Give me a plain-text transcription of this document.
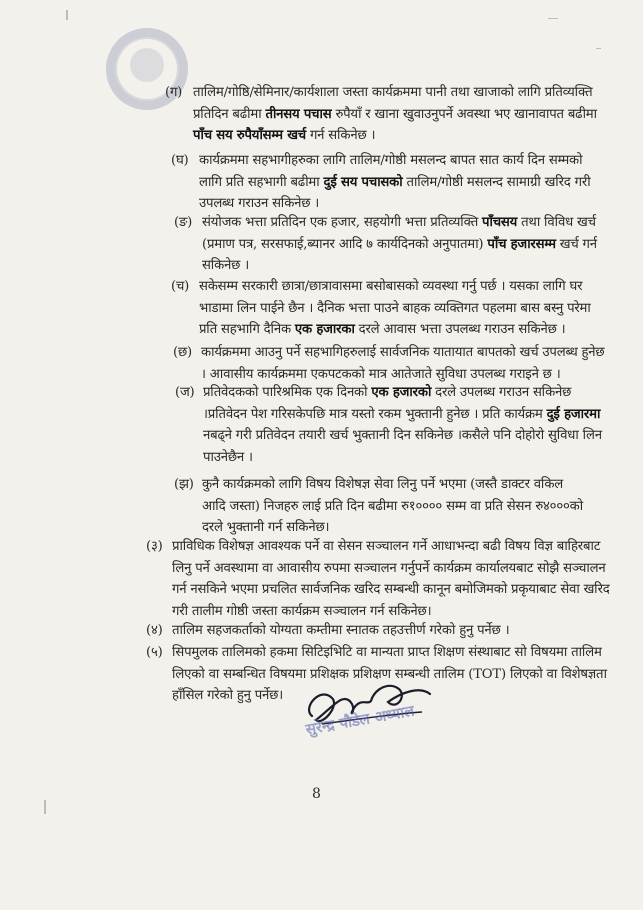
(ग) तालिम/गोष्ठि/सेमिनार/कार्यशाला जस्ता कार्यक्रममा पानी तथा खाजाको लागि प्रतिव्यक्ति
प्रतिदिन बढीमा तीनसय पचास रुपैयाँ र खाना खुवाउनुपर्ने अवस्था भए खानावापत बढीमा
पाँच सय रुपैयाँसम्म खर्च गर्न सकिनेछ ।
(घ) कार्यक्रममा सहभागीहरुका लागि तालिम/गोष्ठी मसलन्द बापत सात कार्य दिन सम्मको
लागि प्रति सहभागी बढीमा दुई सय पचासको तालिम/गोष्ठी मसलन्द सामाग्री खरिद गरी
उपलब्ध गराउन सकिनेछ ।
(ङ) संयोजक भत्ता प्रतिदिन एक हजार, सहयोगी भत्ता प्रतिव्यक्ति पाँचसय तथा विविध खर्च
(प्रमाण पत्र, सरसफाई,ब्यानर आदि ७ कार्यदिनको अनुपातमा) पाँच हजारसम्म खर्च गर्न
सकिनेछ ।
(च) सकेसम्म सरकारी छात्रा/छात्रावासमा बसोबासको व्यवस्था गर्नु पर्छ । यसका लागि घर
भाडामा लिन पाईने छैन । दैनिक भत्ता पाउने बाहक व्यक्तिगत पहलमा बास बस्नु परेमा
प्रति सहभागि दैनिक एक हजारका दरले आवास भत्ता उपलब्ध गराउन सकिनेछ ।
(छ) कार्यक्रममा आउनु पर्ने सहभागिहरुलाई सार्वजनिक यातायात बापतको खर्च उपलब्ध हुनेछ
। आवासीय कार्यक्रममा एकपटकको मात्र आतेजाते सुविधा उपलब्ध गराइने छ ।
(ज) प्रतिवेदकको पारिश्रमिक एक दिनको एक हजारको दरले उपलब्ध गराउन सकिनेछ
।प्रतिवेदन पेश गरिसकेपछि मात्र यस्तो रकम भुक्तानी हुनेछ । प्रति कार्यक्रम दुई हजारमा
नबढ्ने गरी प्रतिवेदन तयारी खर्च भुक्तानी दिन सकिनेछ ।कसैले पनि दोहोरो सुविधा लिन
पाउनेछैन ।
(झ) कुनै कार्यक्रमको लागि विषय विशेषज्ञ सेवा लिनु पर्ने भएमा (जस्तै डाक्टर वकिल
आदि जस्ता) निजहरु लाई प्रति दिन बढीमा रु१०००० सम्म वा प्रति सेसन रु४०००को
दरले भुक्तानी गर्न सकिनेछ।
(३) प्राविधिक विशेषज्ञ आवश्यक पर्ने वा सेसन सञ्चालन गर्ने आधाभन्दा बढी विषय विज्ञ बाहिरबाट
लिनु पर्ने अवस्थामा वा आवासीय रुपमा सञ्चालन गर्नुपर्ने कार्यक्रम कार्यालयबाट सोझै सञ्चालन
गर्न नसकिने भएमा प्रचलित सार्वजनिक खरिद सम्बन्धी कानून बमोजिमको प्रकृयाबाट सेवा खरिद
गरी तालीम गोष्ठी जस्ता कार्यक्रम सञ्चालन गर्न सकिनेछ।
(४) तालिम सहजकर्ताको योग्यता कम्तीमा स्नातक तहउत्तीर्ण गरेको हुनु पर्नेछ ।
(५) सिपमुलक तालिमको हकमा सिटिइभिटि वा मान्यता प्राप्त शिक्षण संस्थाबाट सो विषयमा तालिम
लिएको वा सम्बन्धित विषयमा प्रशिक्षक प्रशिक्षण सम्बन्धी तालिम (TOT) लिएको वा विशेषज्ञता
हाँसिल गरेको हुनु पर्नेछ।
सुरेन्द्र पौडेल अध्याल
8
